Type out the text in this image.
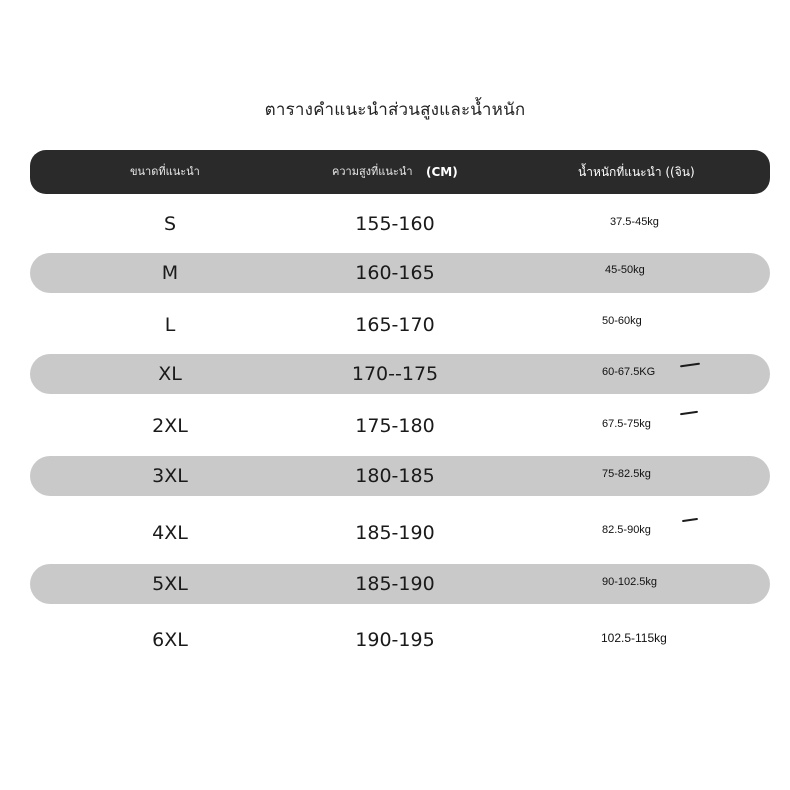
ตารางคำแนะนำส่วนสูงและน้ำหนัก
ขนาดที่แนะนำ	ความสูงที่แนะนำ (CM)	น้ำหนักที่แนะนำ ((จิน)
S	155-160	37.5-45kg
M	160-165	45-50kg
L	165-170	50-60kg
XL	170--175	60-67.5KG
2XL	175-180	67.5-75kg
3XL	180-185	75-82.5kg
4XL	185-190	82.5-90kg
5XL	185-190	90-102.5kg
6XL	190-195	102.5-115kg
